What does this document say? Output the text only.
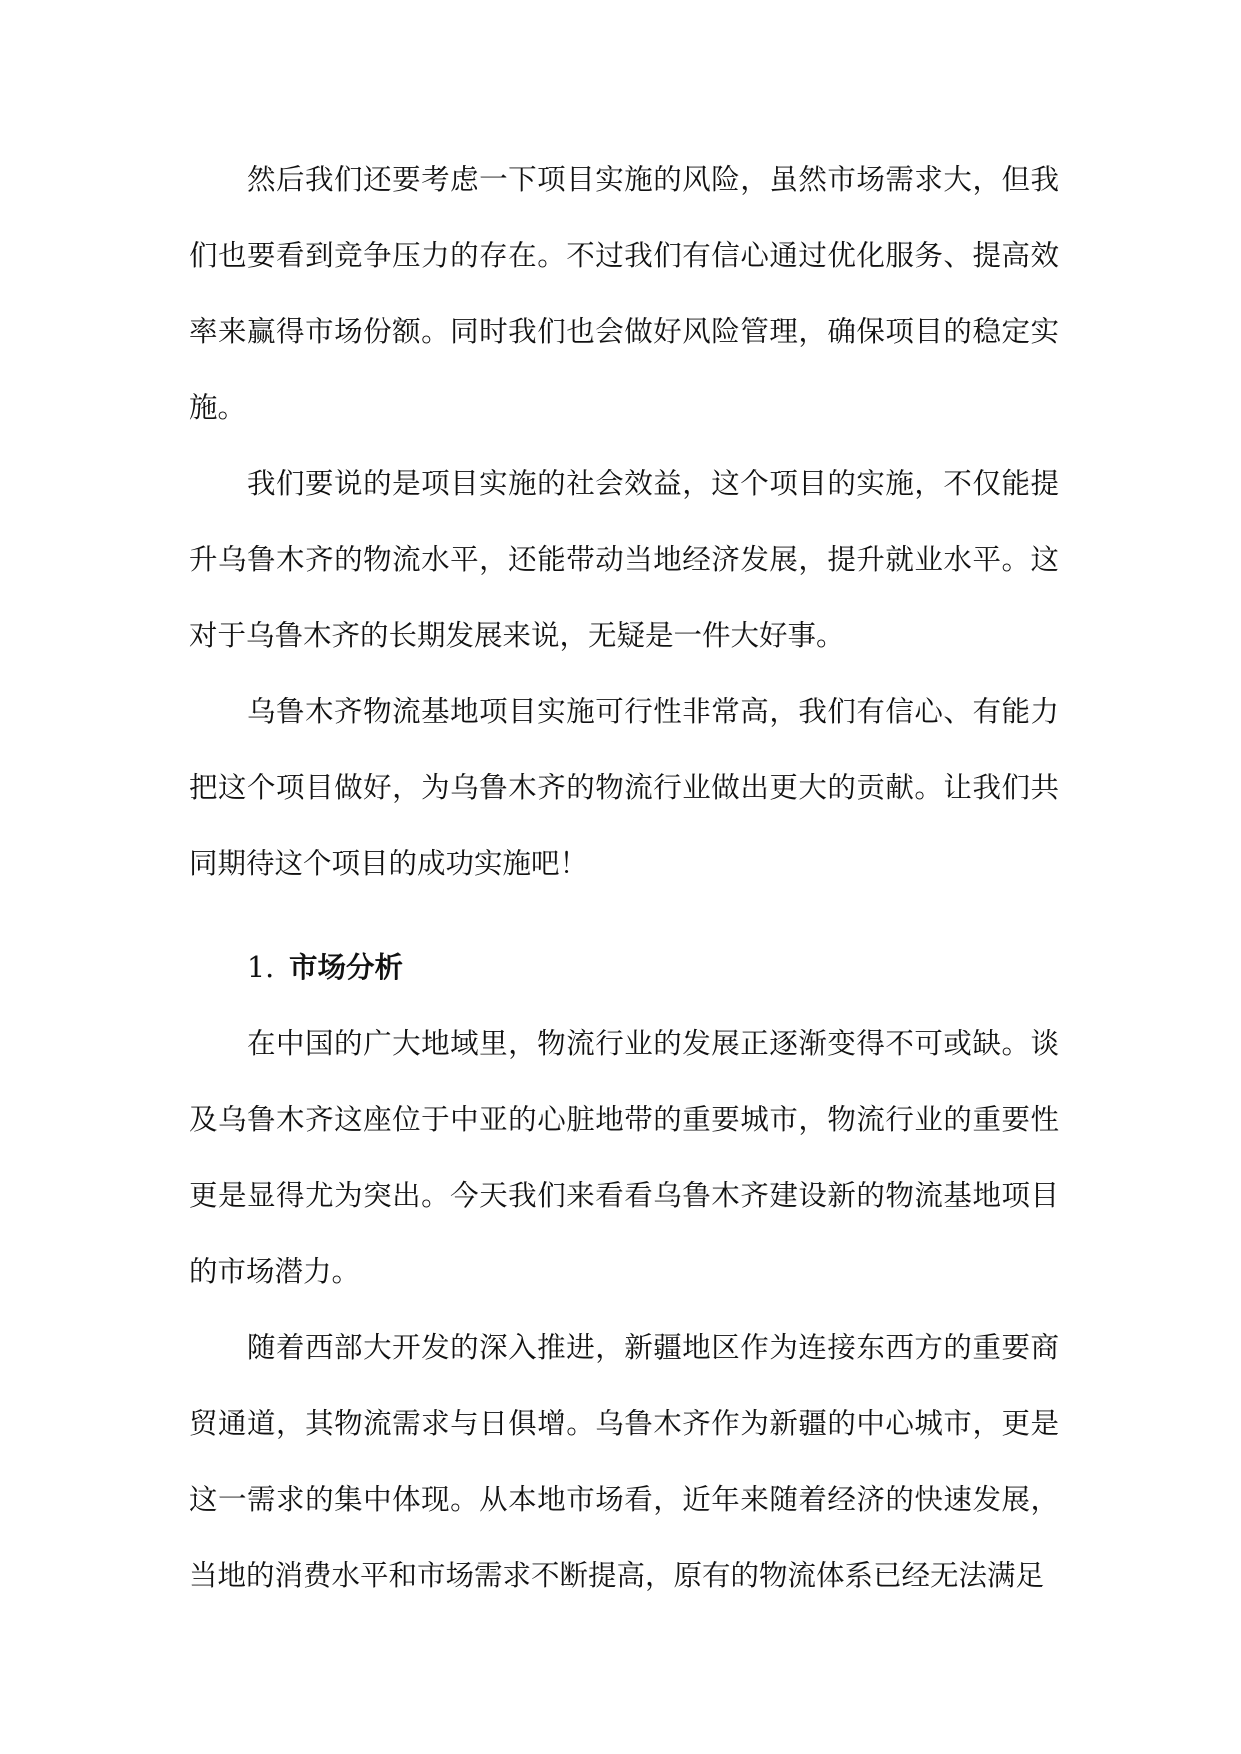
然后我们还要考虑一下项目实施的风险，虽然市场需求大，但我们也要看到竞争压力的存在。不过我们有信心通过优化服务、提高效率来赢得市场份额。同时我们也会做好风险管理，确保项目的稳定实施。

我们要说的是项目实施的社会效益，这个项目的实施，不仅能提升乌鲁木齐的物流水平，还能带动当地经济发展，提升就业水平。这对于乌鲁木齐的长期发展来说，无疑是一件大好事。

乌鲁木齐物流基地项目实施可行性非常高，我们有信心、有能力把这个项目做好，为乌鲁木齐的物流行业做出更大的贡献。让我们共同期待这个项目的成功实施吧！

1. 市场分析

在中国的广大地域里，物流行业的发展正逐渐变得不可或缺。谈及乌鲁木齐这座位于中亚的心脏地带的重要城市，物流行业的重要性更是显得尤为突出。今天我们来看看乌鲁木齐建设新的物流基地项目的市场潜力。

随着西部大开发的深入推进，新疆地区作为连接东西方的重要商贸通道，其物流需求与日俱增。乌鲁木齐作为新疆的中心城市，更是这一需求的集中体现。从本地市场看，近年来随着经济的快速发展，当地的消费水平和市场需求不断提高，原有的物流体系已经无法满足
